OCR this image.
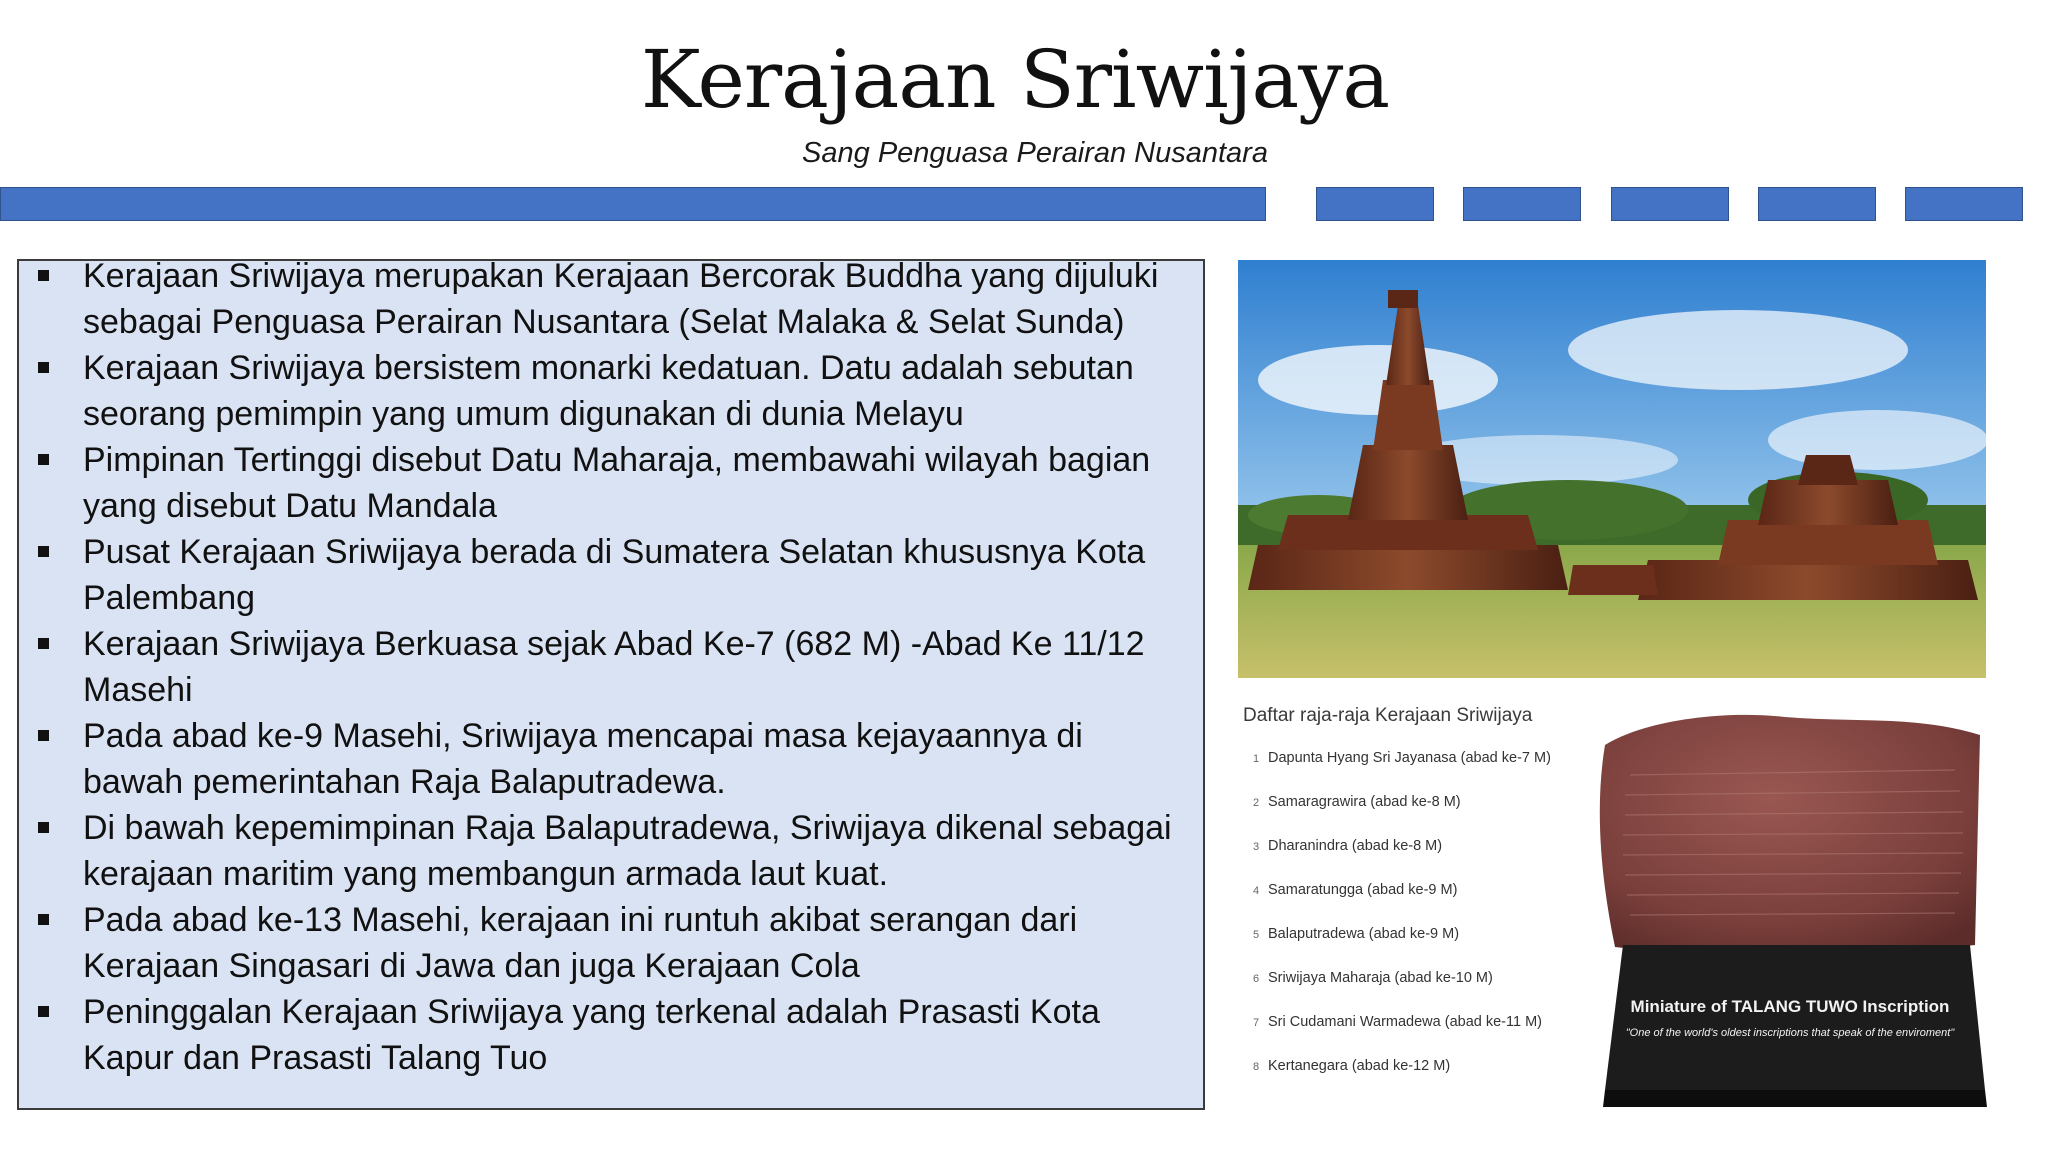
Kerajaan Sriwijaya
Sang Penguasa Perairan Nusantara
Kerajaan Sriwijaya merupakan Kerajaan Bercorak Buddha yang dijuluki sebagai Penguasa Perairan Nusantara (Selat Malaka & Selat Sunda)
Kerajaan Sriwijaya bersistem monarki kedatuan. Datu adalah sebutan seorang pemimpin yang umum digunakan di dunia Melayu
Pimpinan Tertinggi disebut Datu Maharaja, membawahi wilayah bagian yang disebut Datu Mandala
Pusat Kerajaan Sriwijaya berada di Sumatera Selatan khususnya Kota Palembang
Kerajaan Sriwijaya Berkuasa sejak Abad Ke-7 (682 M) -Abad Ke 11/12 Masehi
Pada abad ke-9 Masehi, Sriwijaya mencapai masa kejayaannya di bawah pemerintahan Raja Balaputradewa.
Di bawah kepemimpinan Raja Balaputradewa, Sriwijaya dikenal sebagai kerajaan maritim yang membangun armada laut kuat.
Pada abad ke-13 Masehi, kerajaan ini runtuh akibat serangan dari Kerajaan Singasari di Jawa dan juga Kerajaan Cola
Peninggalan Kerajaan Sriwijaya yang terkenal adalah Prasasti Kota Kapur dan Prasasti Talang Tuo
Daftar raja-raja Kerajaan Sriwijaya
1 Dapunta Hyang Sri Jayanasa (abad ke-7 M)
2 Samaragrawira (abad ke-8 M)
3 Dharanindra (abad ke-8 M)
4 Samaratungga (abad ke-9 M)
5 Balaputradewa (abad ke-9 M)
6 Sriwijaya Maharaja (abad ke-10 M)
7 Sri Cudamani Warmadewa (abad ke-11 M)
8 Kertanegara (abad ke-12 M)
Miniature of TALANG TUWO Inscription
"One of the world's oldest inscriptions that speak of the enviroment"
